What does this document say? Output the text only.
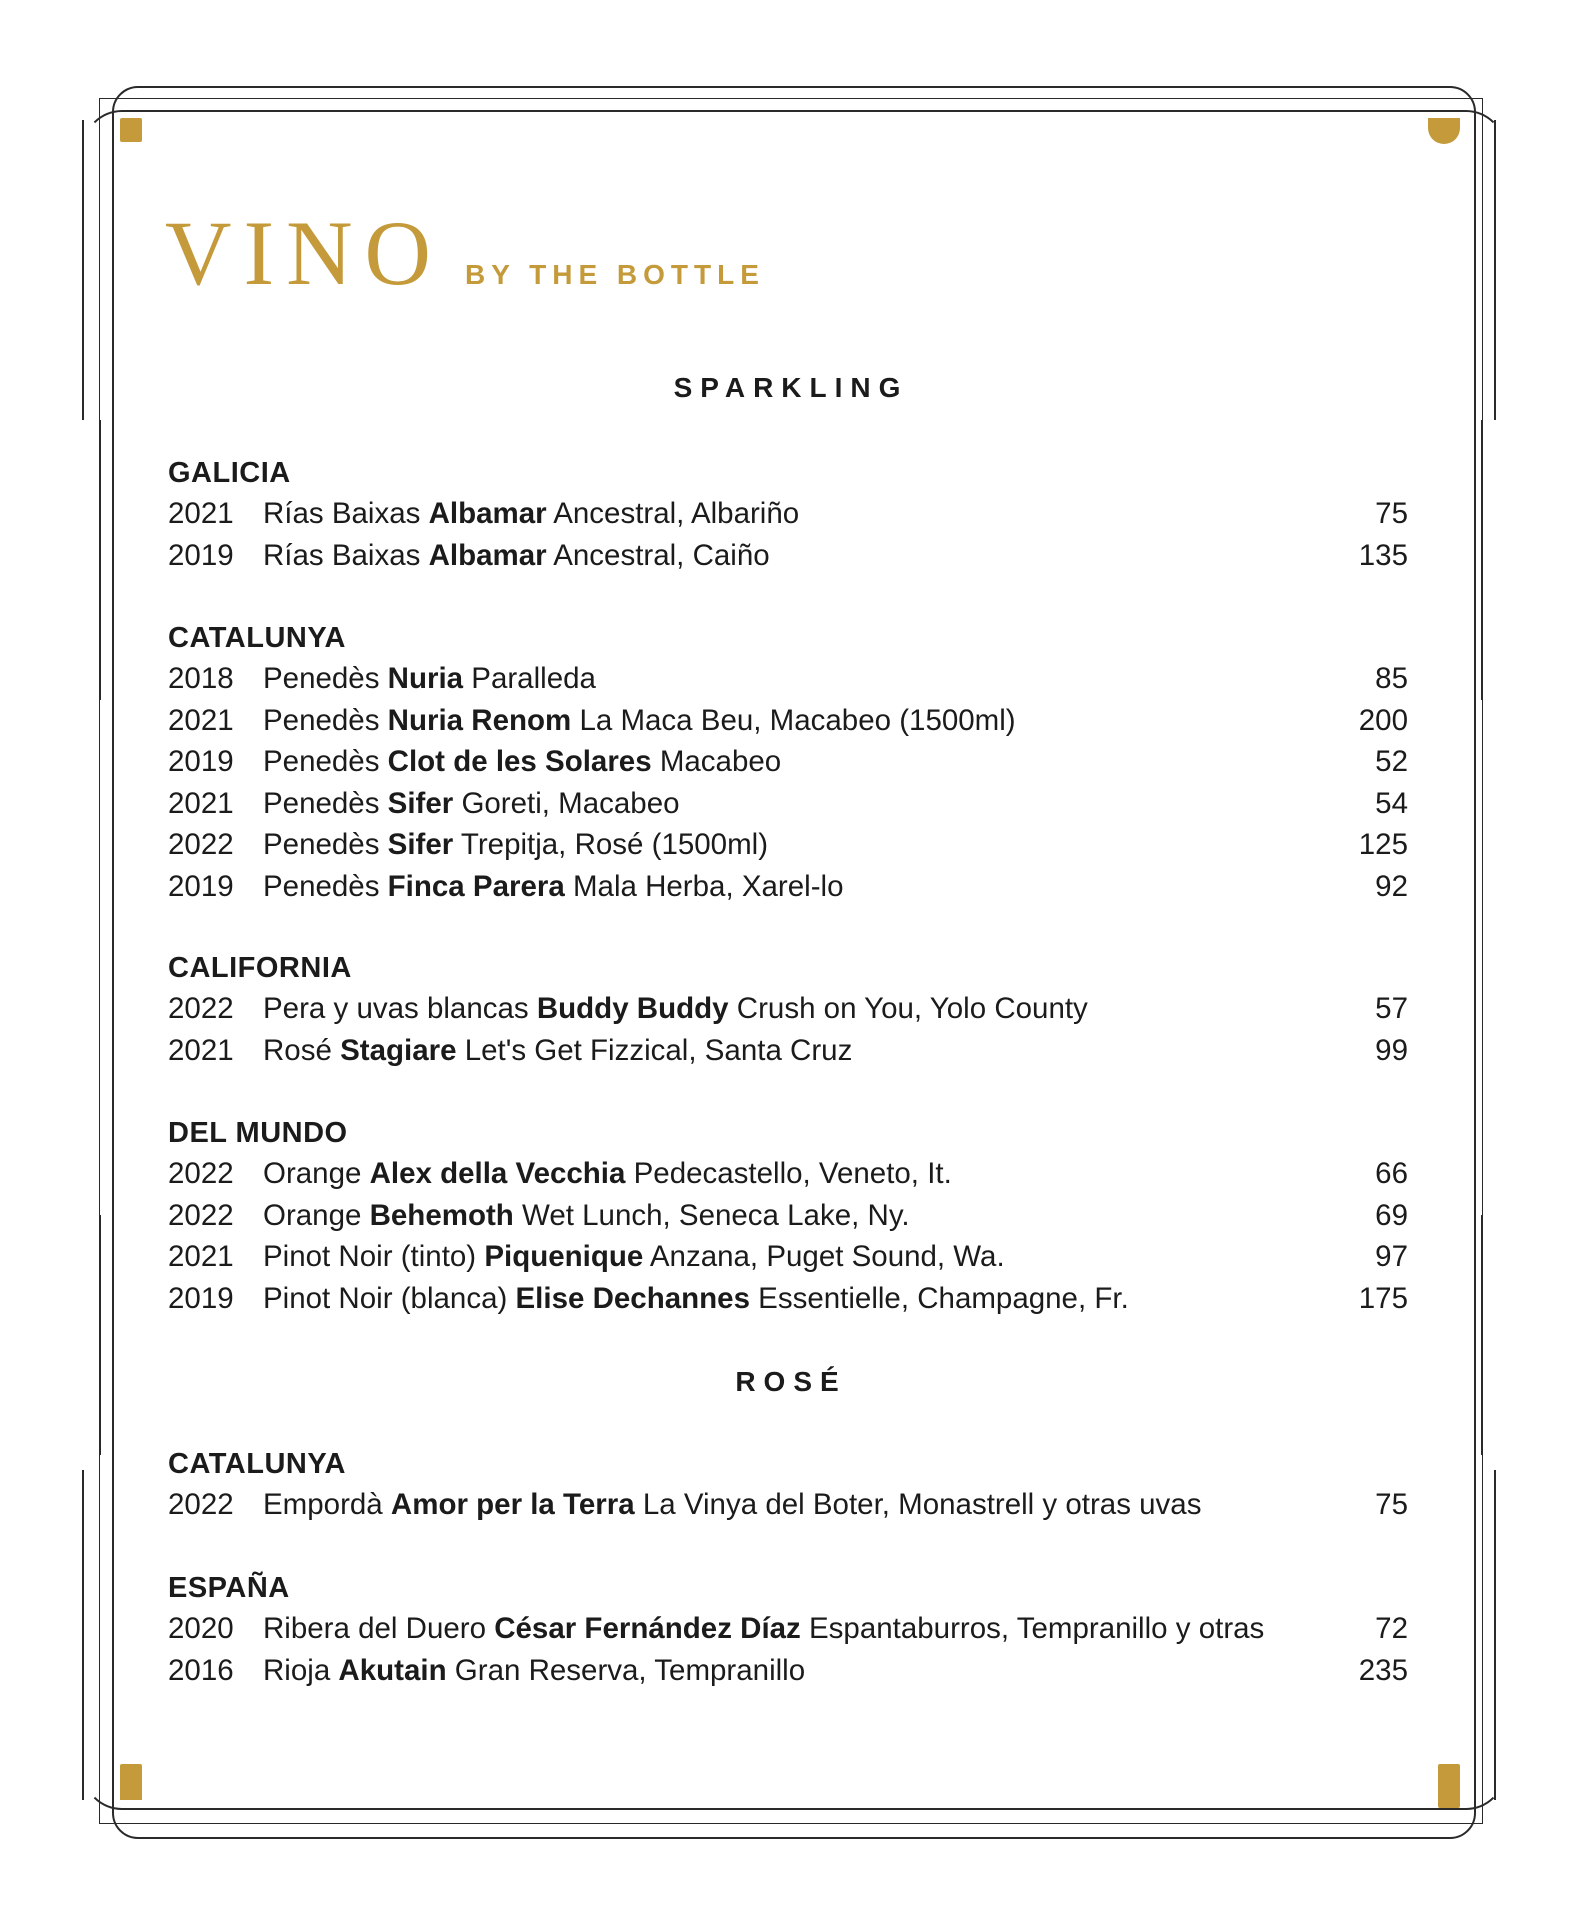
VINO BY THE BOTTLE
SPARKLING
GALICIA
2021 Rías Baixas Albamar Ancestral, Albariño	75
2019 Rías Baixas Albamar Ancestral, Caiño	135
CATALUNYA
2018 Penedès Nuria Paralleda	85
2021 Penedès Nuria Renom La Maca Beu, Macabeo (1500ml)	200
2019 Penedès Clot de les Solares Macabeo	52
2021 Penedès Sifer Goreti, Macabeo	54
2022 Penedès Sifer Trepitja, Rosé (1500ml)	125
2019 Penedès Finca Parera Mala Herba, Xarel-lo	92
CALIFORNIA
2022 Pera y uvas blancas Buddy Buddy Crush on You, Yolo County	57
2021 Rosé Stagiare Let's Get Fizzical, Santa Cruz	99
DEL MUNDO
2022 Orange Alex della Vecchia Pedecastello, Veneto, It.	66
2022 Orange Behemoth Wet Lunch, Seneca Lake, Ny.	69
2021 Pinot Noir (tinto) Piquenique Anzana, Puget Sound, Wa.	97
2019 Pinot Noir (blanca) Elise Dechannes Essentielle, Champagne, Fr.	175
ROSÉ
CATALUNYA
2022 Empordà Amor per la Terra La Vinya del Boter, Monastrell y otras uvas	75
ESPAÑA
2020 Ribera del Duero César Fernández Díaz Espantaburros, Tempranillo y otras	72
2016 Rioja Akutain Gran Reserva, Tempranillo	235
